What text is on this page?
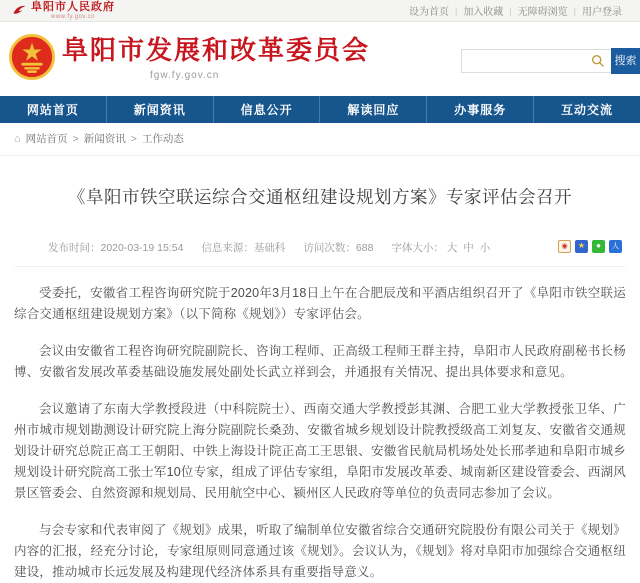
阜阳市人民政府
www.fy.gov.cn	设为首页 | 加入收藏 | 无障碍浏览 | 用户登录
阜阳市发展和改革委员会
fgw.fy.gov.cn
搜索
网站首页	新闻资讯	信息公开	解读回应	办事服务	互动交流
⌂ 网站首页 > 新闻资讯 > 工作动态
《阜阳市铁空联运综合交通枢纽建设规划方案》专家评估会召开
发布时间：2020-03-19 15:54 信息来源：基础科 访问次数：688 字体大小： 大 中 小	◉	★	●	人

受委托，安徽省工程咨询研究院于2020年3月18日上午在合肥辰茂和平酒店组织召开了《阜阳市铁空联运综合交通枢纽建设规划方案》（以下简称《规划》）专家评估会。

会议由安徽省工程咨询研究院副院长、咨询工程师、正高级工程师王群主持，阜阳市人民政府副秘书长杨博、安徽省发展改革委基础设施发展处副处长武立祥到会，并通报有关情况、提出具体要求和意见。

会议邀请了东南大学教授段进（中科院院士）、西南交通大学教授彭其渊、合肥工业大学教授张卫华、广州市城市规划勘测设计研究院上海分院副院长桑劲、安徽省城乡规划设计院教授级高工刘复友、安徽省交通规划设计研究总院正高工王朝阳、中铁上海设计院正高工王思银、安徽省民航局机场处处长邢孝迪和阜阳市城乡规划设计研究院高工张士军10位专家，组成了评估专家组，阜阳市发展改革委、城南新区建设管委会、西湖风景区管委会、自然资源和规划局、民用航空中心、颍州区人民政府等单位的负责同志参加了会议。

与会专家和代表审阅了《规划》成果，听取了编制单位安徽省综合交通研究院股份有限公司关于《规划》内容的汇报，经充分讨论，专家组原则同意通过该《规划》。会议认为，《规划》将对阜阳市加强综合交通枢纽建设，推动城市长远发展及构建现代经济体系具有重要指导意义。
